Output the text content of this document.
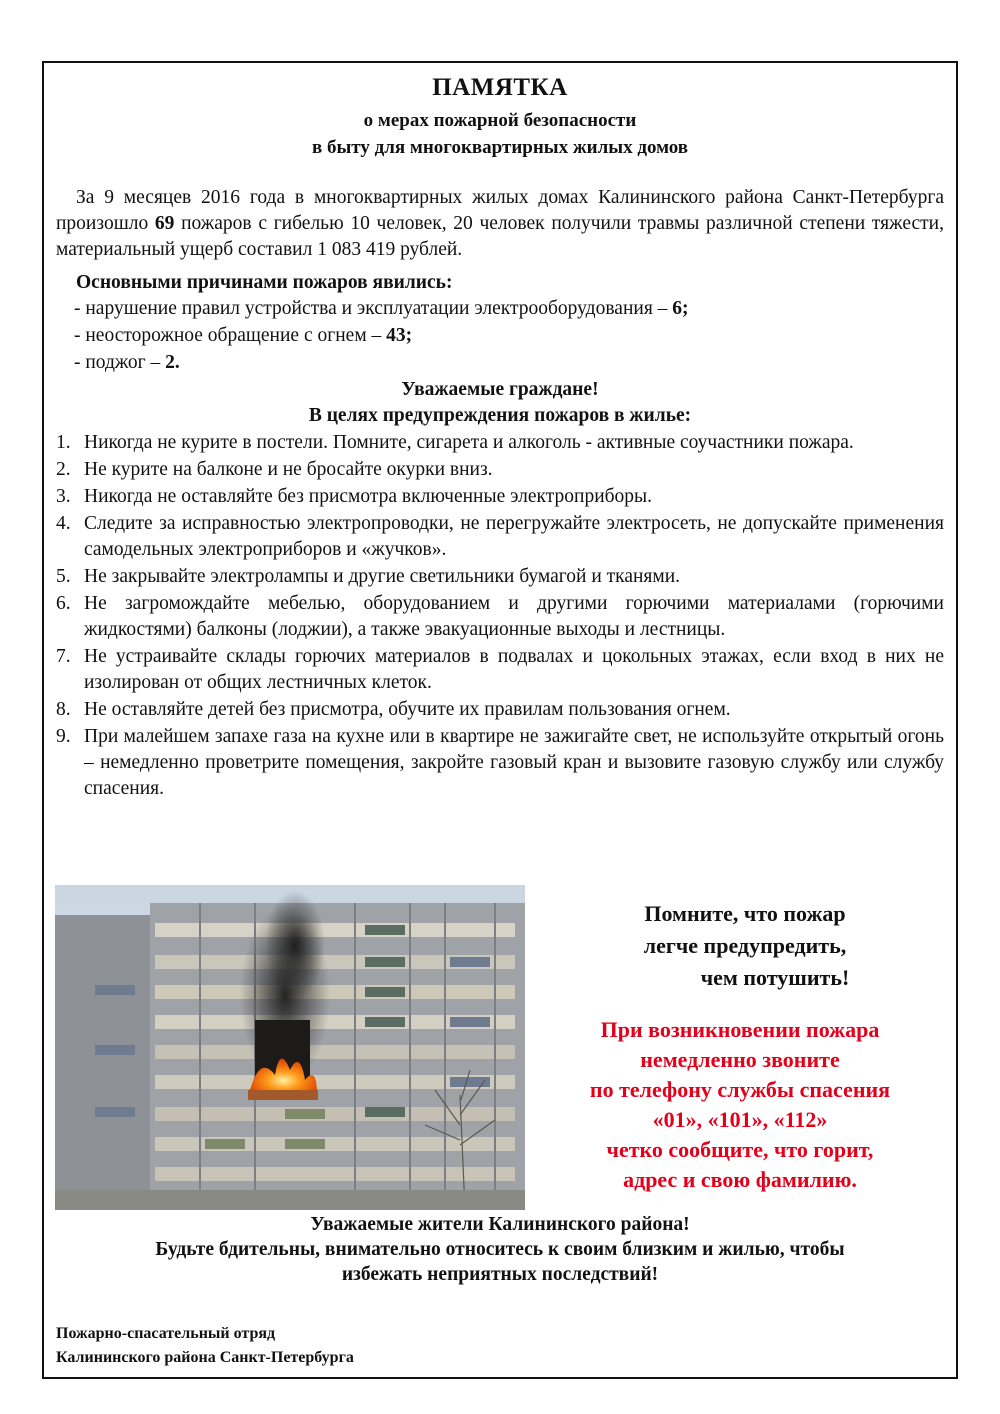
ПАМЯТКА
о мерах пожарной безопасности
в быту для многоквартирных жилых домов

За 9 месяцев 2016 года в многоквартирных жилых домах Калининского района Санкт-Петербурга произошло 69 пожаров с гибелью 10 человек, 20 человек получили травмы различной степени тяжести, материальный ущерб составил 1 083 419 рублей.

Основными причинами пожаров явились:
- нарушение правил устройства и эксплуатации электрооборудования – 6;
- неосторожное обращение с огнем – 43;
- поджог – 2.
Уважаемые граждане!
В целях предупреждения пожаров в жилье:
1. Никогда не курите в постели. Помните, сигарета и алкоголь - активные соучастники пожара.
2. Не курите на балконе и не бросайте окурки вниз.
3. Никогда не оставляйте без присмотра включенные электроприборы.
4. Следите за исправностью электропроводки, не перегружайте электросеть, не допускайте применения самодельных электроприборов и «жучков».
5. Не закрывайте электролампы и другие светильники бумагой и тканями.
6. Не загромождайте мебелью, оборудованием и другими горючими материалами (горючими жидкостями) балконы (лоджии), а также эвакуационные выходы и лестницы.
7. Не устраивайте склады горючих материалов в подвалах и цокольных этажах, если вход в них не изолирован от общих лестничных клеток.
8. Не оставляйте детей без присмотра, обучите их правилам пользования огнем.
9. При малейшем запахе газа на кухне или в квартире не зажигайте свет, не используйте открытый огонь – немедленно проветрите помещения, закройте газовый кран и вызовите газовую службу или службу спасения.
Помните, что пожар
легче предупредить,
чем потушить!
При возникновении пожара
немедленно звоните
по телефону службы спасения
«01», «101», «112»
четко сообщите, что горит,
адрес и свою фамилию.
Уважаемые жители Калининского района!
Будьте бдительны, внимательно относитесь к своим близким и жилью, чтобы
избежать неприятных последствий!
Пожарно-спасательный отряд
Калининского района Санкт-Петербурга
